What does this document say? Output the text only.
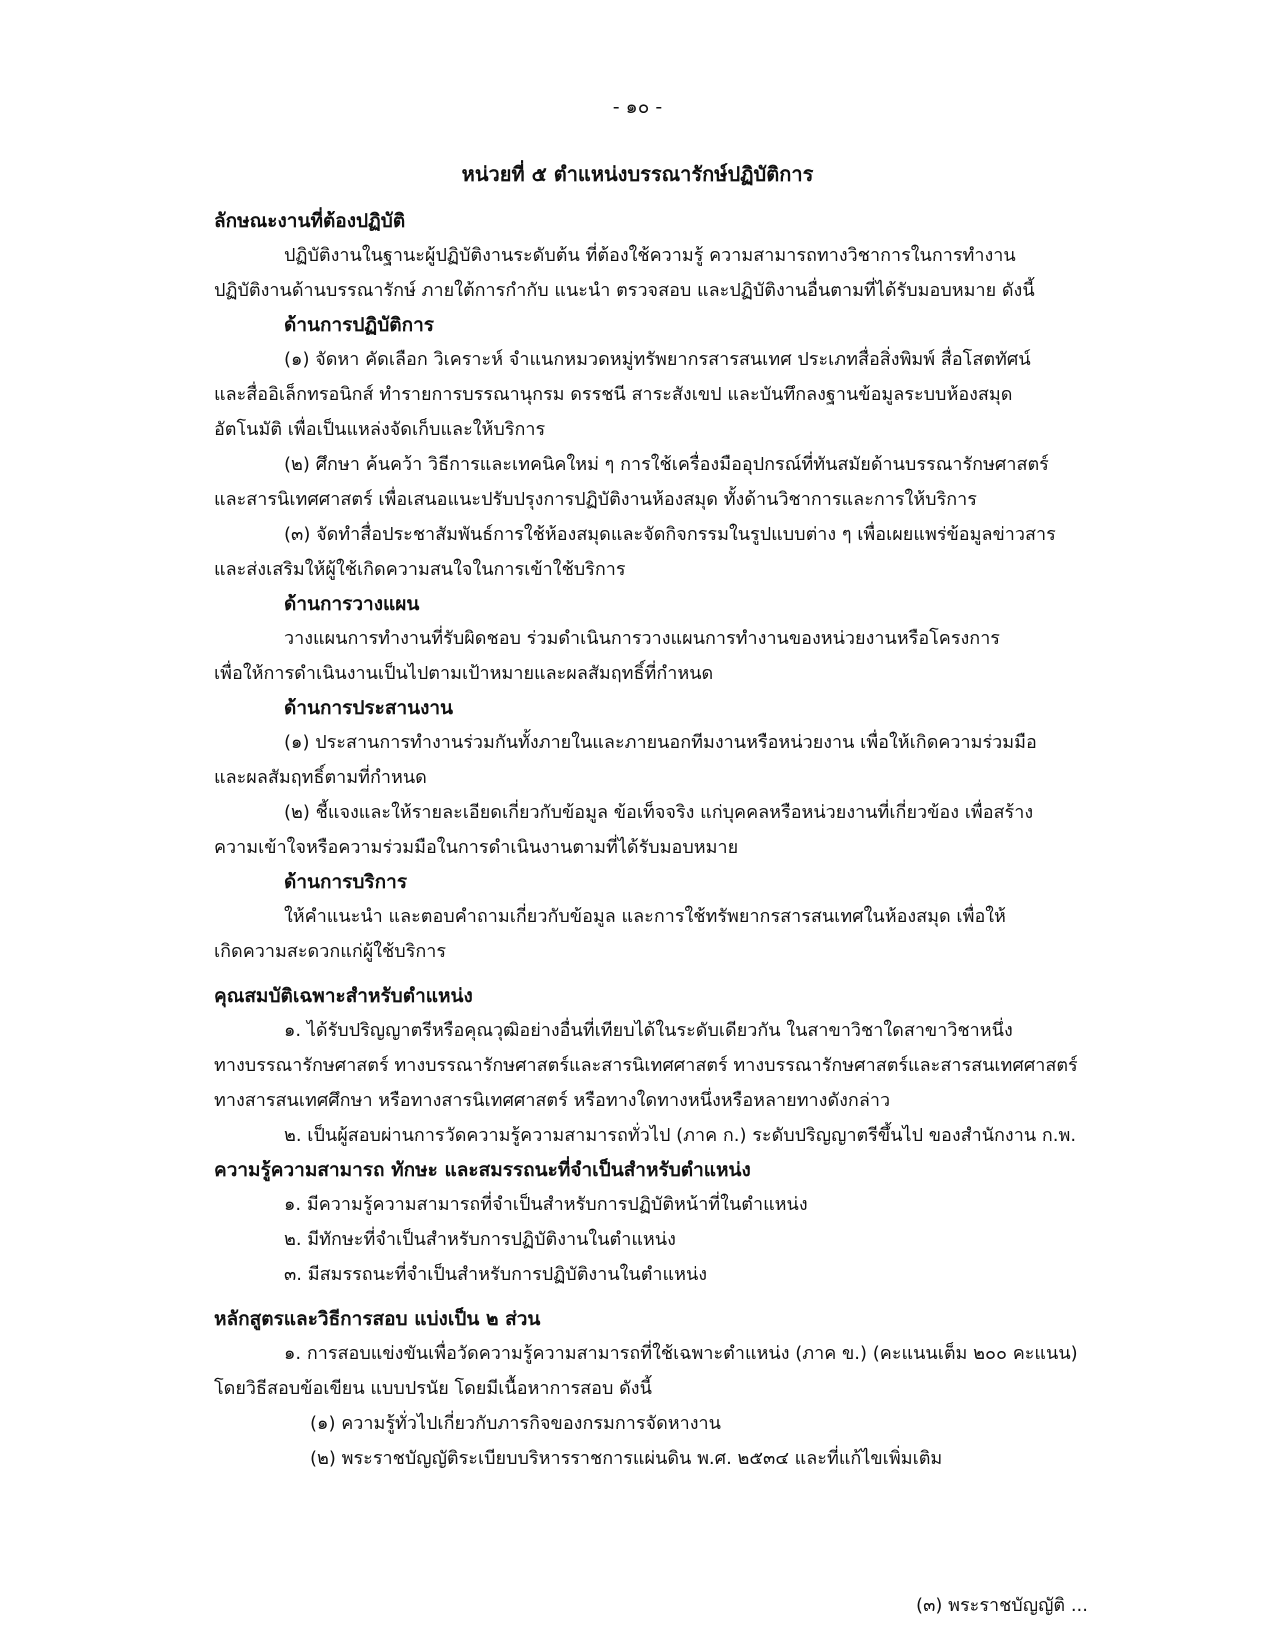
- ๑๐ -
หน่วยที่ ๕ ตำแหน่งบรรณารักษ์ปฏิบัติการ
ลักษณะงานที่ต้องปฏิบัติ
ปฏิบัติงานในฐานะผู้ปฏิบัติงานระดับต้น ที่ต้องใช้ความรู้ ความสามารถทางวิชาการในการทำงาน
ปฏิบัติงานด้านบรรณารักษ์ ภายใต้การกำกับ แนะนำ ตรวจสอบ และปฏิบัติงานอื่นตามที่ได้รับมอบหมาย ดังนี้
ด้านการปฏิบัติการ
(๑) จัดหา คัดเลือก วิเคราะห์ จำแนกหมวดหมู่ทรัพยากรสารสนเทศ ประเภทสื่อสิ่งพิมพ์ สื่อโสตทัศน์
และสื่ออิเล็กทรอนิกส์ ทำรายการบรรณานุกรม ดรรชนี สาระสังเขป และบันทึกลงฐานข้อมูลระบบห้องสมุด
อัตโนมัติ เพื่อเป็นแหล่งจัดเก็บและให้บริการ
(๒) ศึกษา ค้นคว้า วิธีการและเทคนิคใหม่ ๆ การใช้เครื่องมืออุปกรณ์ที่ทันสมัยด้านบรรณารักษศาสตร์
และสารนิเทศศาสตร์ เพื่อเสนอแนะปรับปรุงการปฏิบัติงานห้องสมุด ทั้งด้านวิชาการและการให้บริการ
(๓) จัดทำสื่อประชาสัมพันธ์การใช้ห้องสมุดและจัดกิจกรรมในรูปแบบต่าง ๆ เพื่อเผยแพร่ข้อมูลข่าวสาร
และส่งเสริมให้ผู้ใช้เกิดความสนใจในการเข้าใช้บริการ
ด้านการวางแผน
วางแผนการทำงานที่รับผิดชอบ ร่วมดำเนินการวางแผนการทำงานของหน่วยงานหรือโครงการ
เพื่อให้การดำเนินงานเป็นไปตามเป้าหมายและผลสัมฤทธิ์ที่กำหนด
ด้านการประสานงาน
(๑) ประสานการทำงานร่วมกันทั้งภายในและภายนอกทีมงานหรือหน่วยงาน เพื่อให้เกิดความร่วมมือ
และผลสัมฤทธิ์ตามที่กำหนด
(๒) ชี้แจงและให้รายละเอียดเกี่ยวกับข้อมูล ข้อเท็จจริง แก่บุคคลหรือหน่วยงานที่เกี่ยวข้อง เพื่อสร้าง
ความเข้าใจหรือความร่วมมือในการดำเนินงานตามที่ได้รับมอบหมาย
ด้านการบริการ
ให้คำแนะนำ และตอบคำถามเกี่ยวกับข้อมูล และการใช้ทรัพยากรสารสนเทศในห้องสมุด เพื่อให้
เกิดความสะดวกแก่ผู้ใช้บริการ
คุณสมบัติเฉพาะสำหรับตำแหน่ง
๑. ได้รับปริญญาตรีหรือคุณวุฒิอย่างอื่นที่เทียบได้ในระดับเดียวกัน ในสาขาวิชาใดสาขาวิชาหนึ่ง
ทางบรรณารักษศาสตร์ ทางบรรณารักษศาสตร์และสารนิเทศศาสตร์ ทางบรรณารักษศาสตร์และสารสนเทศศาสตร์
ทางสารสนเทศศึกษา หรือทางสารนิเทศศาสตร์ หรือทางใดทางหนึ่งหรือหลายทางดังกล่าว
๒. เป็นผู้สอบผ่านการวัดความรู้ความสามารถทั่วไป (ภาค ก.) ระดับปริญญาตรีขึ้นไป ของสำนักงาน ก.พ.
ความรู้ความสามารถ ทักษะ และสมรรถนะที่จำเป็นสำหรับตำแหน่ง
๑. มีความรู้ความสามารถที่จำเป็นสำหรับการปฏิบัติหน้าที่ในตำแหน่ง
๒. มีทักษะที่จำเป็นสำหรับการปฏิบัติงานในตำแหน่ง
๓. มีสมรรถนะที่จำเป็นสำหรับการปฏิบัติงานในตำแหน่ง
หลักสูตรและวิธีการสอบ แบ่งเป็น ๒ ส่วน
๑. การสอบแข่งขันเพื่อวัดความรู้ความสามารถที่ใช้เฉพาะตำแหน่ง (ภาค ข.) (คะแนนเต็ม ๒๐๐ คะแนน)
โดยวิธีสอบข้อเขียน แบบปรนัย โดยมีเนื้อหาการสอบ ดังนี้
(๑) ความรู้ทั่วไปเกี่ยวกับภารกิจของกรมการจัดหางาน
(๒) พระราชบัญญัติระเบียบบริหารราชการแผ่นดิน พ.ศ. ๒๕๓๔ และที่แก้ไขเพิ่มเติม
(๓) พระราชบัญญัติ ...
